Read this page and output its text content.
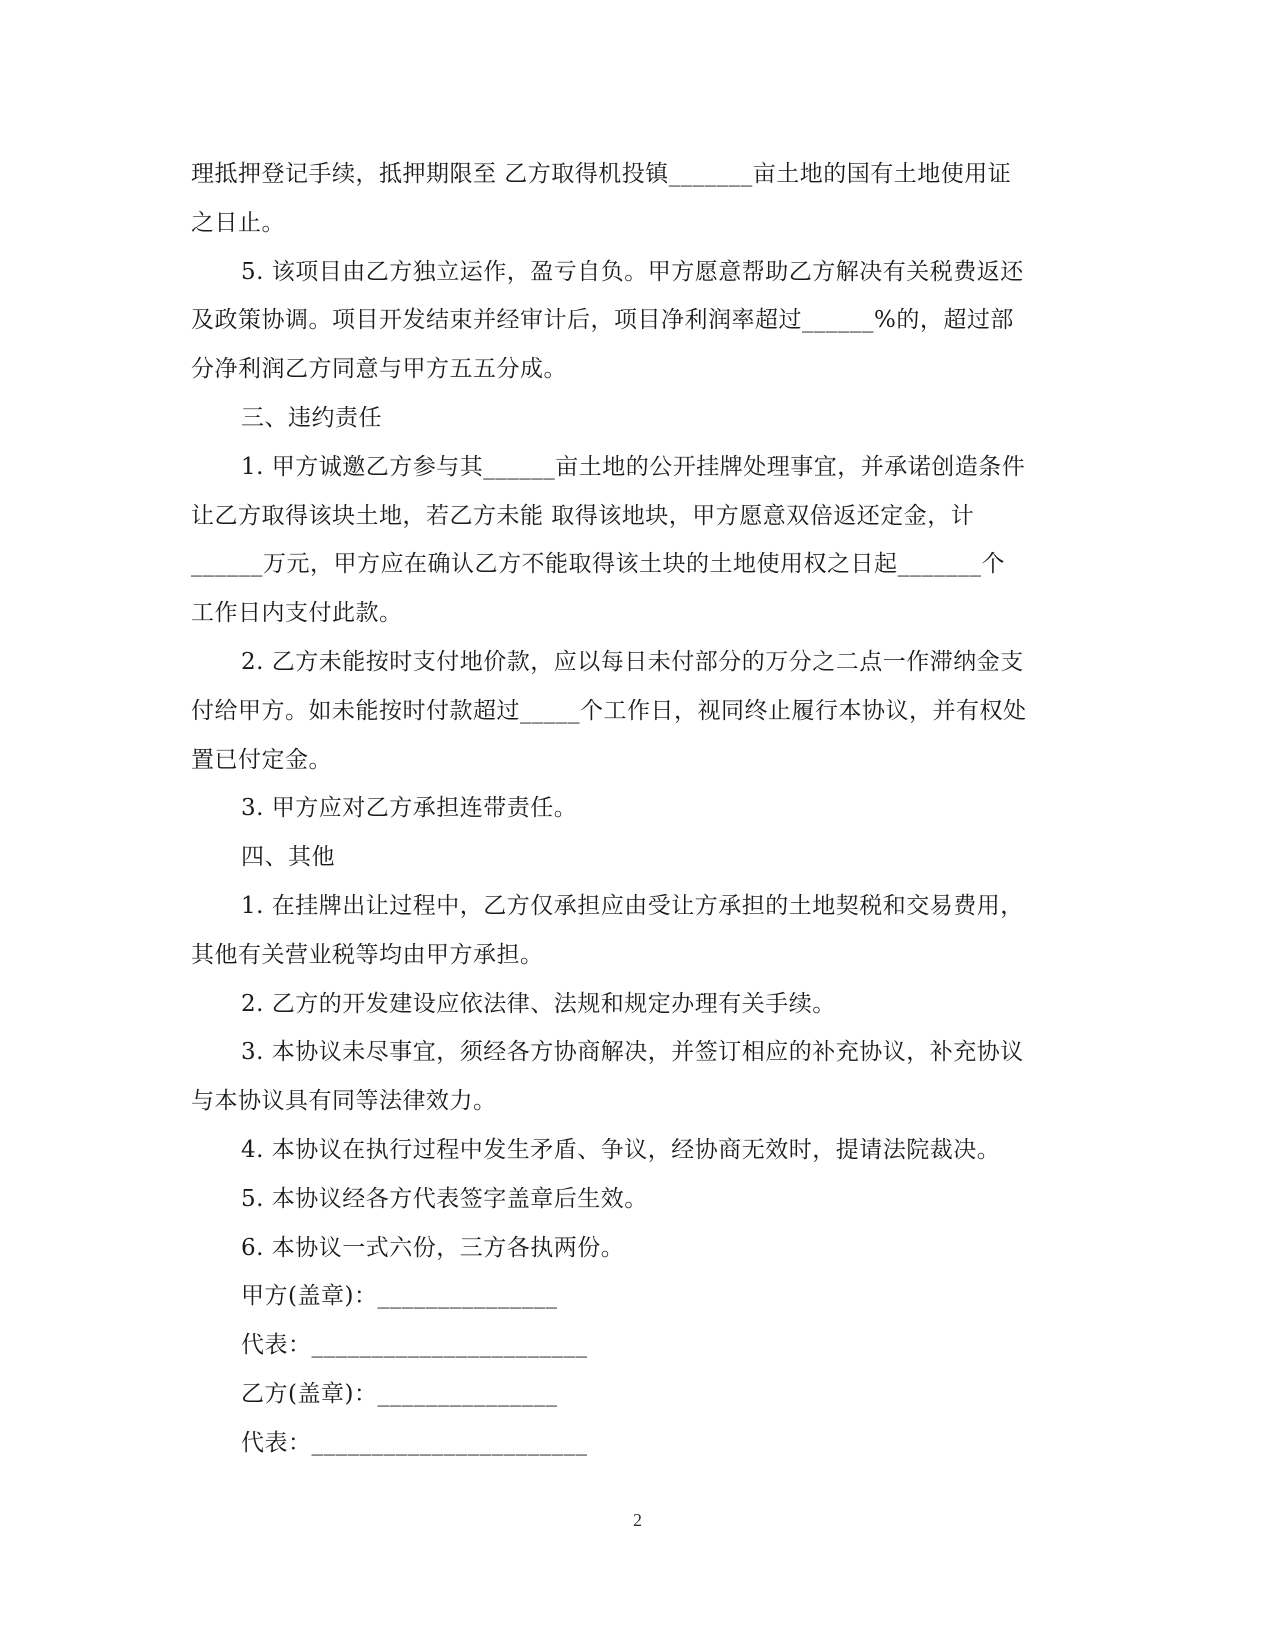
理抵押登记手续，抵押期限至 乙方取得机投镇_______亩土地的国有土地使用证
之日止。
5. 该项目由乙方独立运作，盈亏自负。甲方愿意帮助乙方解决有关税费返还
及政策协调。项目开发结束并经审计后，项目净利润率超过______%的，超过部
分净利润乙方同意与甲方五五分成。
三、违约责任
1. 甲方诚邀乙方参与其______亩土地的公开挂牌处理事宜，并承诺创造条件
让乙方取得该块土地，若乙方未能 取得该地块，甲方愿意双倍返还定金，计
______万元，甲方应在确认乙方不能取得该土块的土地使用权之日起_______个
工作日内支付此款。
2. 乙方未能按时支付地价款，应以每日未付部分的万分之二点一作滞纳金支
付给甲方。如未能按时付款超过_____个工作日，视同终止履行本协议，并有权处
置已付定金。
3. 甲方应对乙方承担连带责任。
四、其他
1. 在挂牌出让过程中，乙方仅承担应由受让方承担的土地契税和交易费用，
其他有关营业税等均由甲方承担。
2. 乙方的开发建设应依法律、法规和规定办理有关手续。
3. 本协议未尽事宜，须经各方协商解决，并签订相应的补充协议，补充协议
与本协议具有同等法律效力。
4. 本协议在执行过程中发生矛盾、争议，经协商无效时，提请法院裁决。
5. 本协议经各方代表签字盖章后生效。
6. 本协议一式六份，三方各执两份。
甲方(盖章)：_______________
代表：_______________________
乙方(盖章)：_______________
代表：_______________________
2
